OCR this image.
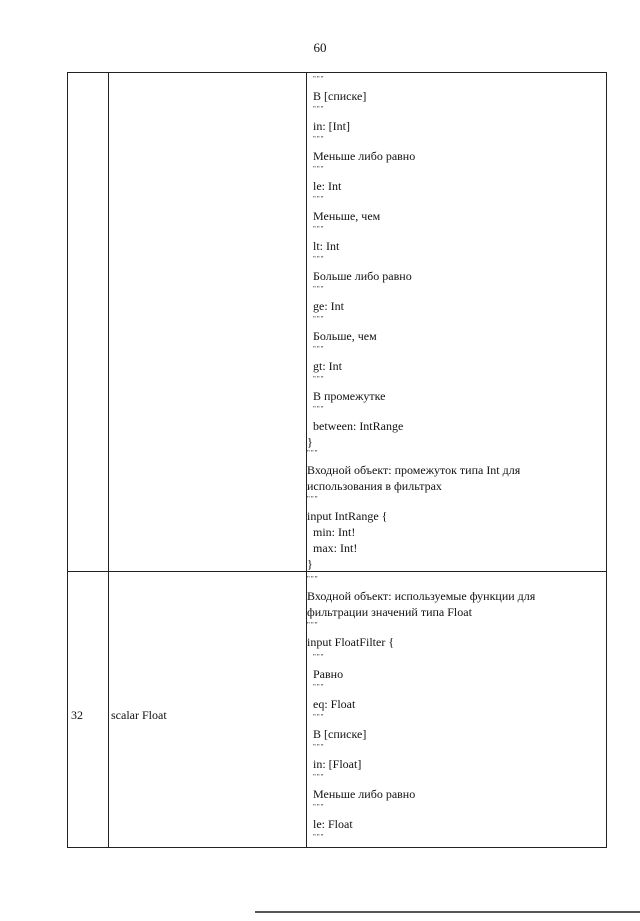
60
32 scalar Float
"""
В [списке]
"""
in: [Int]
"""
Меньше либо равно
"""
le: Int
"""
Меньше, чем
"""
lt: Int
"""
Больше либо равно
"""
ge: Int
"""
Больше, чем
"""
gt: Int
"""
В промежутке
"""
between: IntRange
}
"""
Входной объект: промежуток типа Int для
использования в фильтрах
"""
input IntRange {
min: Int!
max: Int!
}
"""
Входной объект: используемые функции для
фильтрации значений типа Float
"""
input FloatFilter {
"""
Равно
"""
eq: Float
"""
В [списке]
"""
in: [Float]
"""
Меньше либо равно
"""
le: Float
"""
